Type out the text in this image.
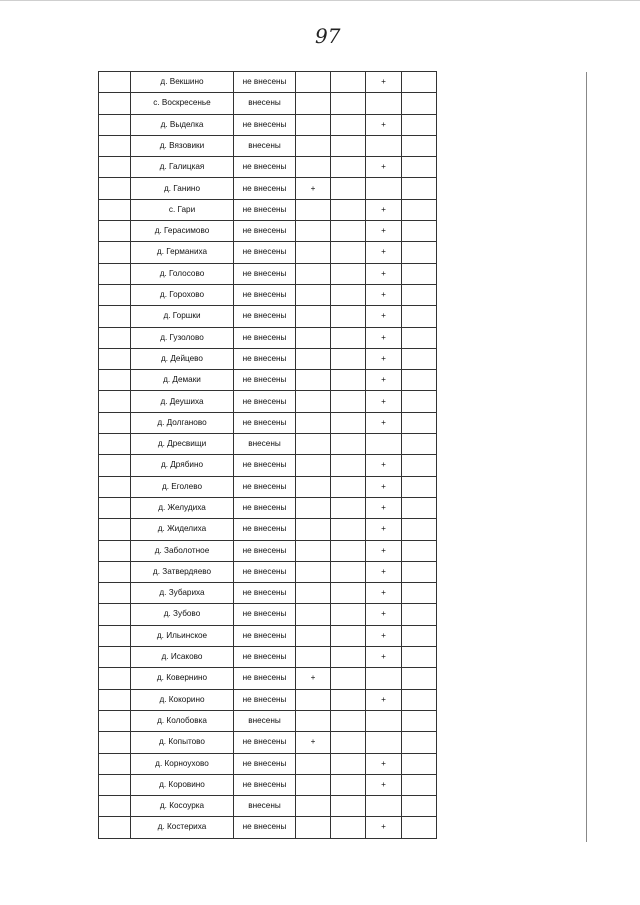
97
	д. Векшино	не внесены			+	
	с. Воскресенье	внесены				
	д. Выделка	не внесены			+	
	д. Вязовики	внесены				
	д. Галицкая	не внесены			+	
	д. Ганино	не внесены	+			
	с. Гари	не внесены			+	
	д. Герасимово	не внесены			+	
	д. Германиха	не внесены			+	
	д. Голосово	не внесены			+	
	д. Горохово	не внесены			+	
	д. Горшки	не внесены			+	
	д. Гузолово	не внесены			+	
	д. Дейцево	не внесены			+	
	д. Демаки	не внесены			+	
	д. Деушиха	не внесены			+	
	д. Долганово	не внесены			+	
	д. Дресвищи	внесены				
	д. Дрябино	не внесены			+	
	д. Еголево	не внесены			+	
	д. Желудиха	не внесены			+	
	д. Жиделиха	не внесены			+	
	д. Заболотное	не внесены			+	
	д. Затвердяево	не внесены			+	
	д. Зубариха	не внесены			+	
	д. Зубово	не внесены			+	
	д. Ильинское	не внесены			+	
	д. Исаково	не внесены			+	
	д. Ковернино	не внесены	+			
	д. Кокорино	не внесены			+	
	д. Колобовка	внесены				
	д. Копытово	не внесены	+			
	д. Корноухово	не внесены			+	
	д. Коровино	не внесены			+	
	д. Косоурка	внесены				
	д. Костериха	не внесены			+	
